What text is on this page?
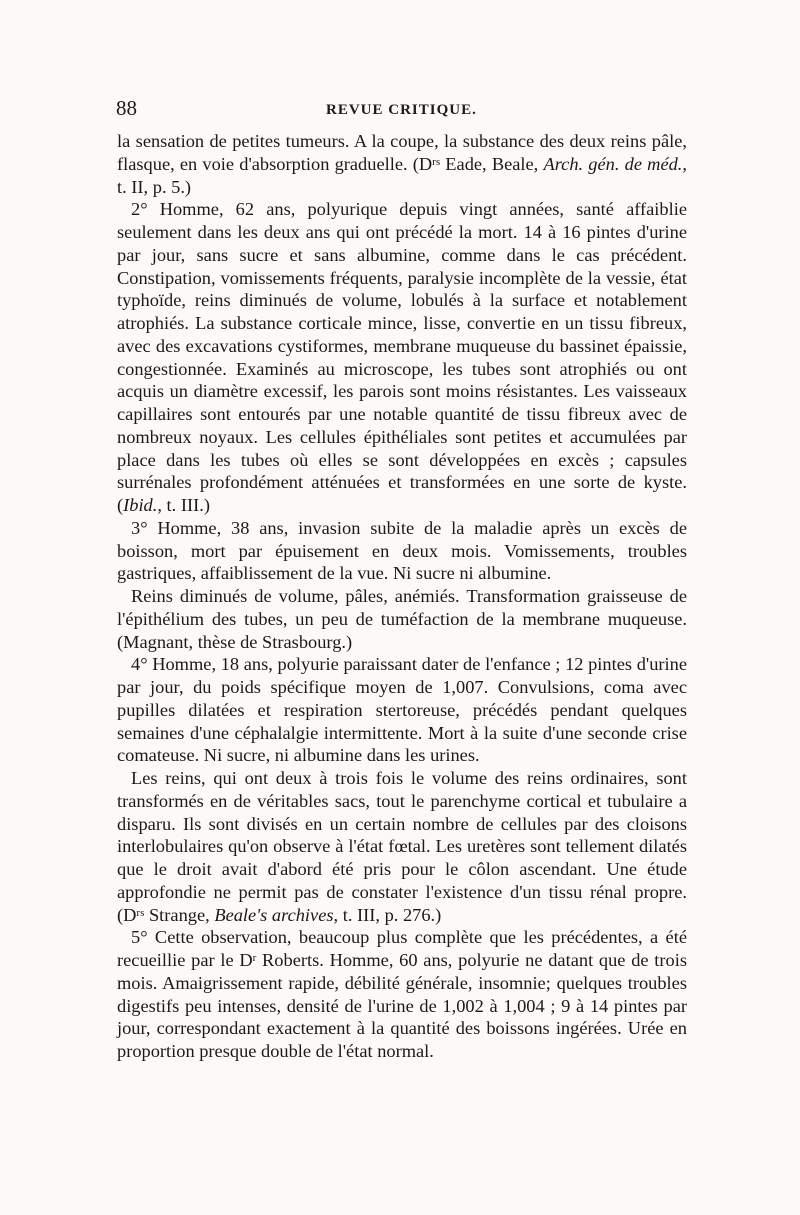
88	REVUE CRITIQUE.

la sensation de petites tumeurs. A la coupe, la substance des deux reins pâle, flasque, en voie d'absorption graduelle. ($D^{rs}$ Eade, Beale, Arch. gén. de méd., t. II, p. 5.)

2° Homme, 62 ans, polyurique depuis vingt années, santé affaiblie seulement dans les deux ans qui ont précédé la mort. 14 à 16 pintes d'urine par jour, sans sucre et sans albumine, comme dans le cas précédent. Constipation, vomissements fréquents, paralysie incomplète de la vessie, état typhoïde, reins diminués de volume, lobulés à la surface et notablement atrophiés. La substance corticale mince, lisse, convertie en un tissu fibreux, avec des excavations cystiformes, membrane muqueuse du bassinet épaissie, congestionnée. Examinés au microscope, les tubes sont atrophiés ou ont acquis un diamètre excessif, les parois sont moins résistantes. Les vaisseaux capillaires sont entourés par une notable quantité de tissu fibreux avec de nombreux noyaux. Les cellules épithéliales sont petites et accumulées par place dans les tubes où elles se sont développées en excès ; capsules surrénales profondément atténuées et transformées en une sorte de kyste. (Ibid., t. III.)

3° Homme, 38 ans, invasion subite de la maladie après un excès de boisson, mort par épuisement en deux mois. Vomissements, troubles gastriques, affaiblissement de la vue. Ni sucre ni albumine.

Reins diminués de volume, pâles, anémiés. Transformation graisseuse de l'épithélium des tubes, un peu de tuméfaction de la membrane muqueuse. (Magnant, thèse de Strasbourg.)

4° Homme, 18 ans, polyurie paraissant dater de l'enfance ; 12 pintes d'urine par jour, du poids spécifique moyen de 1,007. Convulsions, coma avec pupilles dilatées et respiration stertoreuse, précédés pendant quelques semaines d'une céphalalgie intermittente. Mort à la suite d'une seconde crise comateuse. Ni sucre, ni albumine dans les urines.

Les reins, qui ont deux à trois fois le volume des reins ordinaires, sont transformés en de véritables sacs, tout le parenchyme cortical et tubulaire a disparu. Ils sont divisés en un certain nombre de cellules par des cloisons interlobulaires qu'on observe à l'état fœtal. Les uretères sont tellement dilatés que le droit avait d'abord été pris pour le côlon ascendant. Une étude approfondie ne permit pas de constater l'existence d'un tissu rénal propre. ($D^{rs}$ Strange, Beale's archives, t. III, p. 276.)

5° Cette observation, beaucoup plus complète que les précédentes, a été recueillie par le $D^r$ Roberts. Homme, 60 ans, polyurie ne datant que de trois mois. Amaigrissement rapide, débilité générale, insomnie; quelques troubles digestifs peu intenses, densité de l'urine de 1,002 à 1,004 ; 9 à 14 pintes par jour, correspondant exactement à la quantité des boissons ingérées. Urée en proportion presque double de l'état normal.
